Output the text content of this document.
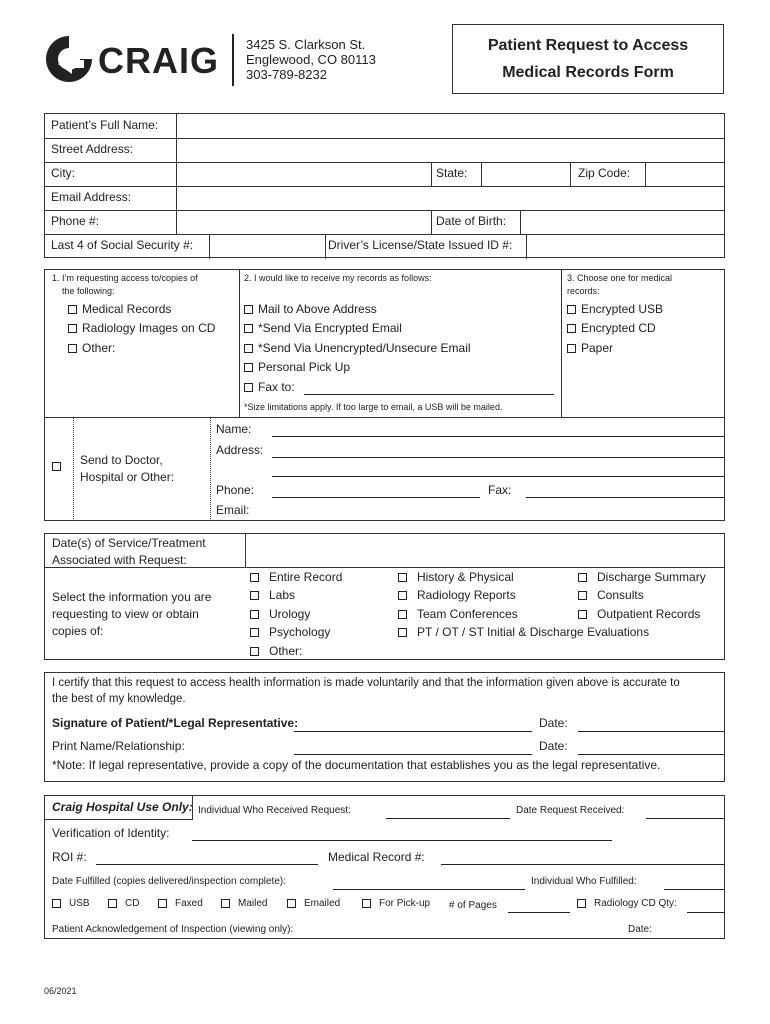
CRAIG 3425 S. Clarkson St.
Englewood, CO 80113
303-789-8232
Patient Request to Access
Medical Records Form
Patient’s Full Name:
Street Address:
City:	State:	Zip Code:
Email Address:
Phone #:	Date of Birth:
Last 4 of Social Security #:	Driver’s License/State Issued ID #:
1. I’m requesting access to/copies of
the following:
Medical Records
Radiology Images on CD
Other:
2. I would like to receive my records as follows:
Mail to Above Address
*Send Via Encrypted Email
*Send Via Unencrypted/Unsecure Email
Personal Pick Up
Fax to:
*Size limitations apply. If too large to email, a USB will be mailed.
3. Choose one for medical
records:
Encrypted USB
Encrypted CD
Paper
Send to Doctor,
Hospital or Other:
Name:
Address:
Phone:	Fax:
Email:
Date(s) of Service/Treatment
Associated with Request:
Select the information you are
requesting to view or obtain
copies of:
Entire Record
Labs
Urology
Psychology
Other:
History & Physical
Radiology Reports
Team Conferences
PT / OT / ST Initial & Discharge Evaluations
Discharge Summary
Consults
Outpatient Records
I certify that this request to access health information is made voluntarily and that the information given above is accurate to
the best of my knowledge.
Signature of Patient/*Legal Representative:	Date:
Print Name/Relationship:	Date:
*Note: If legal representative, provide a copy of the documentation that establishes you as the legal representative.
Craig Hospital Use Only: Individual Who Received Request:	Date Request Received:
Verification of Identity:
ROI #:	Medical Record #:
Date Fulfilled (copies delivered/inspection complete):	Individual Who Fulfilled:
USB	CD	Faxed	Mailed	Emailed	For Pick-up # of Pages	Radiology CD Qty:
Patient Acknowledgement of Inspection (viewing only):	Date:
06/2021
